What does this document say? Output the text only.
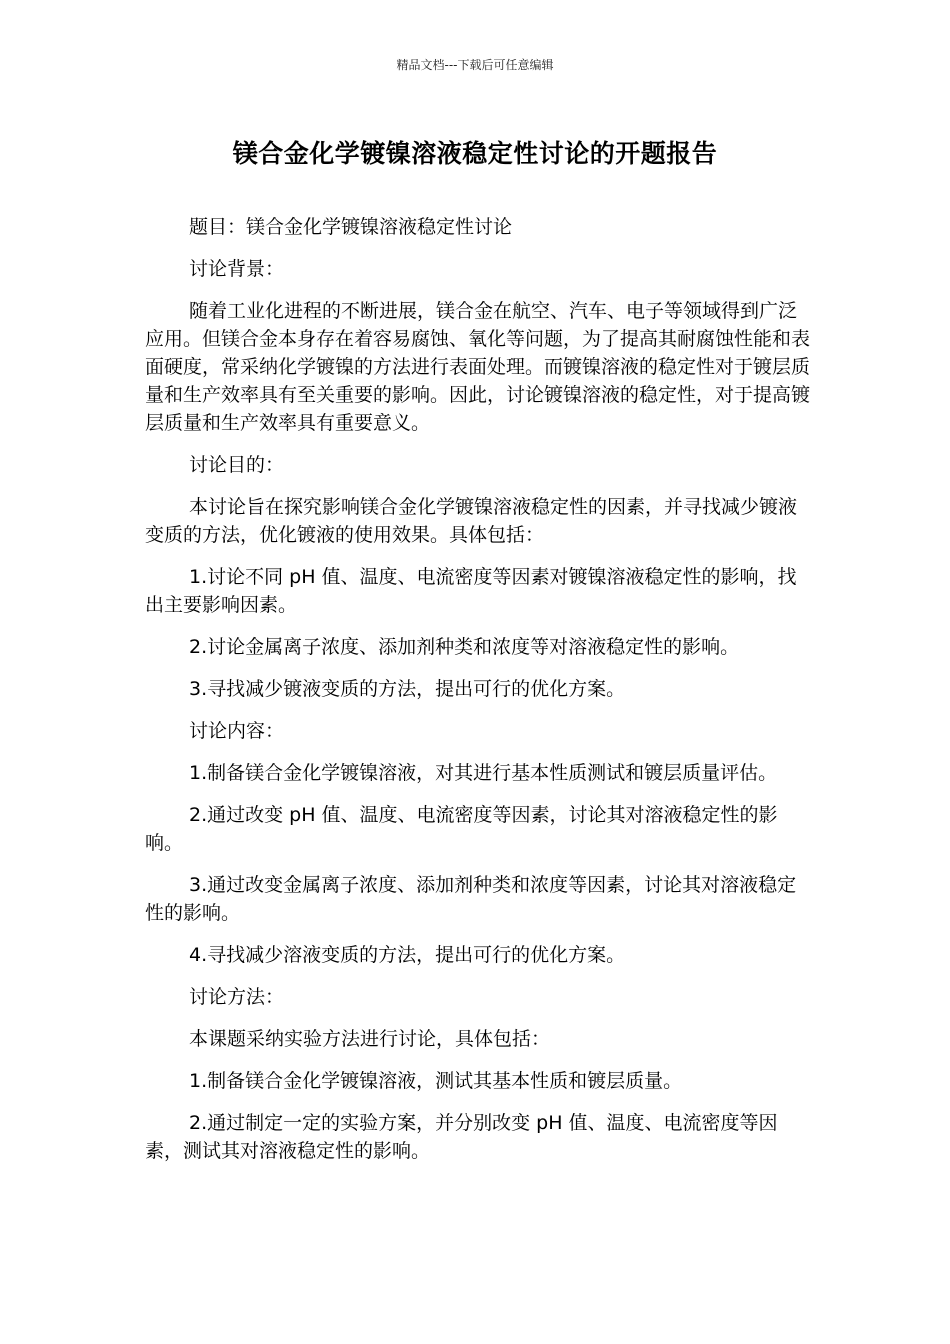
精品文档---下载后可任意编辑
镁合金化学镀镍溶液稳定性讨论的开题报告

题目：镁合金化学镀镍溶液稳定性讨论

讨论背景：

随着工业化进程的不断进展，镁合金在航空、汽车、电子等领域得到广泛应用。但镁合金本身存在着容易腐蚀、氧化等问题，为了提高其耐腐蚀性能和表面硬度，常采纳化学镀镍的方法进行表面处理。而镀镍溶液的稳定性对于镀层质量和生产效率具有至关重要的影响。因此，讨论镀镍溶液的稳定性，对于提高镀层质量和生产效率具有重要意义。

讨论目的：

本讨论旨在探究影响镁合金化学镀镍溶液稳定性的因素，并寻找减少镀液变质的方法，优化镀液的使用效果。具体包括：

1.讨论不同 pH 值、温度、电流密度等因素对镀镍溶液稳定性的影响，找出主要影响因素。

2.讨论金属离子浓度、添加剂种类和浓度等对溶液稳定性的影响。

3.寻找减少镀液变质的方法，提出可行的优化方案。

讨论内容：

1.制备镁合金化学镀镍溶液，对其进行基本性质测试和镀层质量评估。

2.通过改变 pH 值、温度、电流密度等因素，讨论其对溶液稳定性的影响。

3.通过改变金属离子浓度、添加剂种类和浓度等因素，讨论其对溶液稳定性的影响。

4.寻找减少溶液变质的方法，提出可行的优化方案。

讨论方法：

本课题采纳实验方法进行讨论，具体包括：

1.制备镁合金化学镀镍溶液，测试其基本性质和镀层质量。

2.通过制定一定的实验方案，并分别改变 pH 值、温度、电流密度等因素，测试其对溶液稳定性的影响。
